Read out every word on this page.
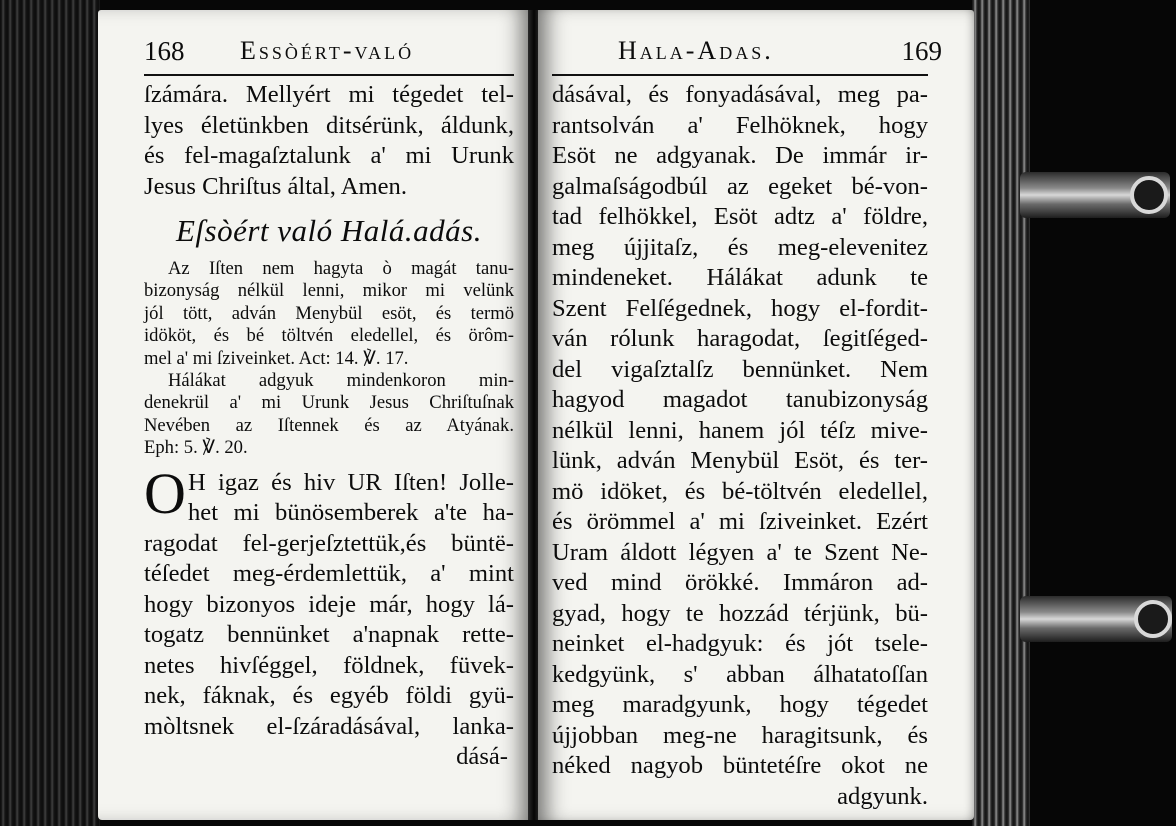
168 Essòért-való
ſzámára. Mellyért mi tégedet tel-
lyes életünkben ditsérünk, áldunk,
és fel-magaſztalunk a' mi Urunk
Jesus Chriſtus által, Amen.
Eſsòért való Halá.adás.
Az Iſten nem hagyta ò magát tanu-
bizonyság nélkül lenni, mikor mi velünk
jól tött, adván Menybül esöt, és termö
idököt, és bé töltvén eledellel, és örôm-
mel a' mi ſziveinket. Act: 14. ℣. 17.
Hálákat adgyuk mindenkoron min-
denekrül a' mi Urunk Jesus Chriſtuſnak
Nevében az Iſtennek és az Atyának.
Eph: 5. ℣. 20.
O H igaz és hiv UR Iſten! Jolle-
het mi bünösemberek a'te ha-
ragodat fel-gerjeſztettük,és büntë-
téſedet meg-érdemlettük, a' mint
hogy bizonyos ideje már, hogy lá-
togatz bennünket a'napnak rette-
netes hivſéggel, földnek, füvek-
nek, fáknak, és egyéb földi gyü-
mòltsnek el-ſzáradásával, lanka-
dásá-
Hala-Adas.	169
dásával, és fonyadásával, meg pa-
rantsolván a' Felhöknek, hogy
Esöt ne adgyanak. De immár ir-
galmaſságodbúl az egeket bé-von-
tad felhökkel, Esöt adtz a' földre,
meg újjitaſz, és meg-elevenitez
mindeneket. Hálákat adunk te
Szent Felſégednek, hogy el-fordit-
ván rólunk haragodat, ſegitſéged-
del vigaſztalſz bennünket. Nem
hagyod magadot tanubizonyság
nélkül lenni, hanem jól téſz mive-
lünk, adván Menybül Esöt, és ter-
mö idöket, és bé-töltvén eledellel,
és örömmel a' mi ſziveinket. Ezért
Uram áldott légyen a' te Szent Ne-
ved mind örökké. Immáron ad-
gyad, hogy te hozzád térjünk, bü-
neinket el-hadgyuk: és jót tsele-
kedgyünk, s' abban álhatatoſſan
meg maradgyunk, hogy tégedet
újjobban meg-ne haragitsunk, és
néked nagyob büntetéſre okot ne
adgyunk.
